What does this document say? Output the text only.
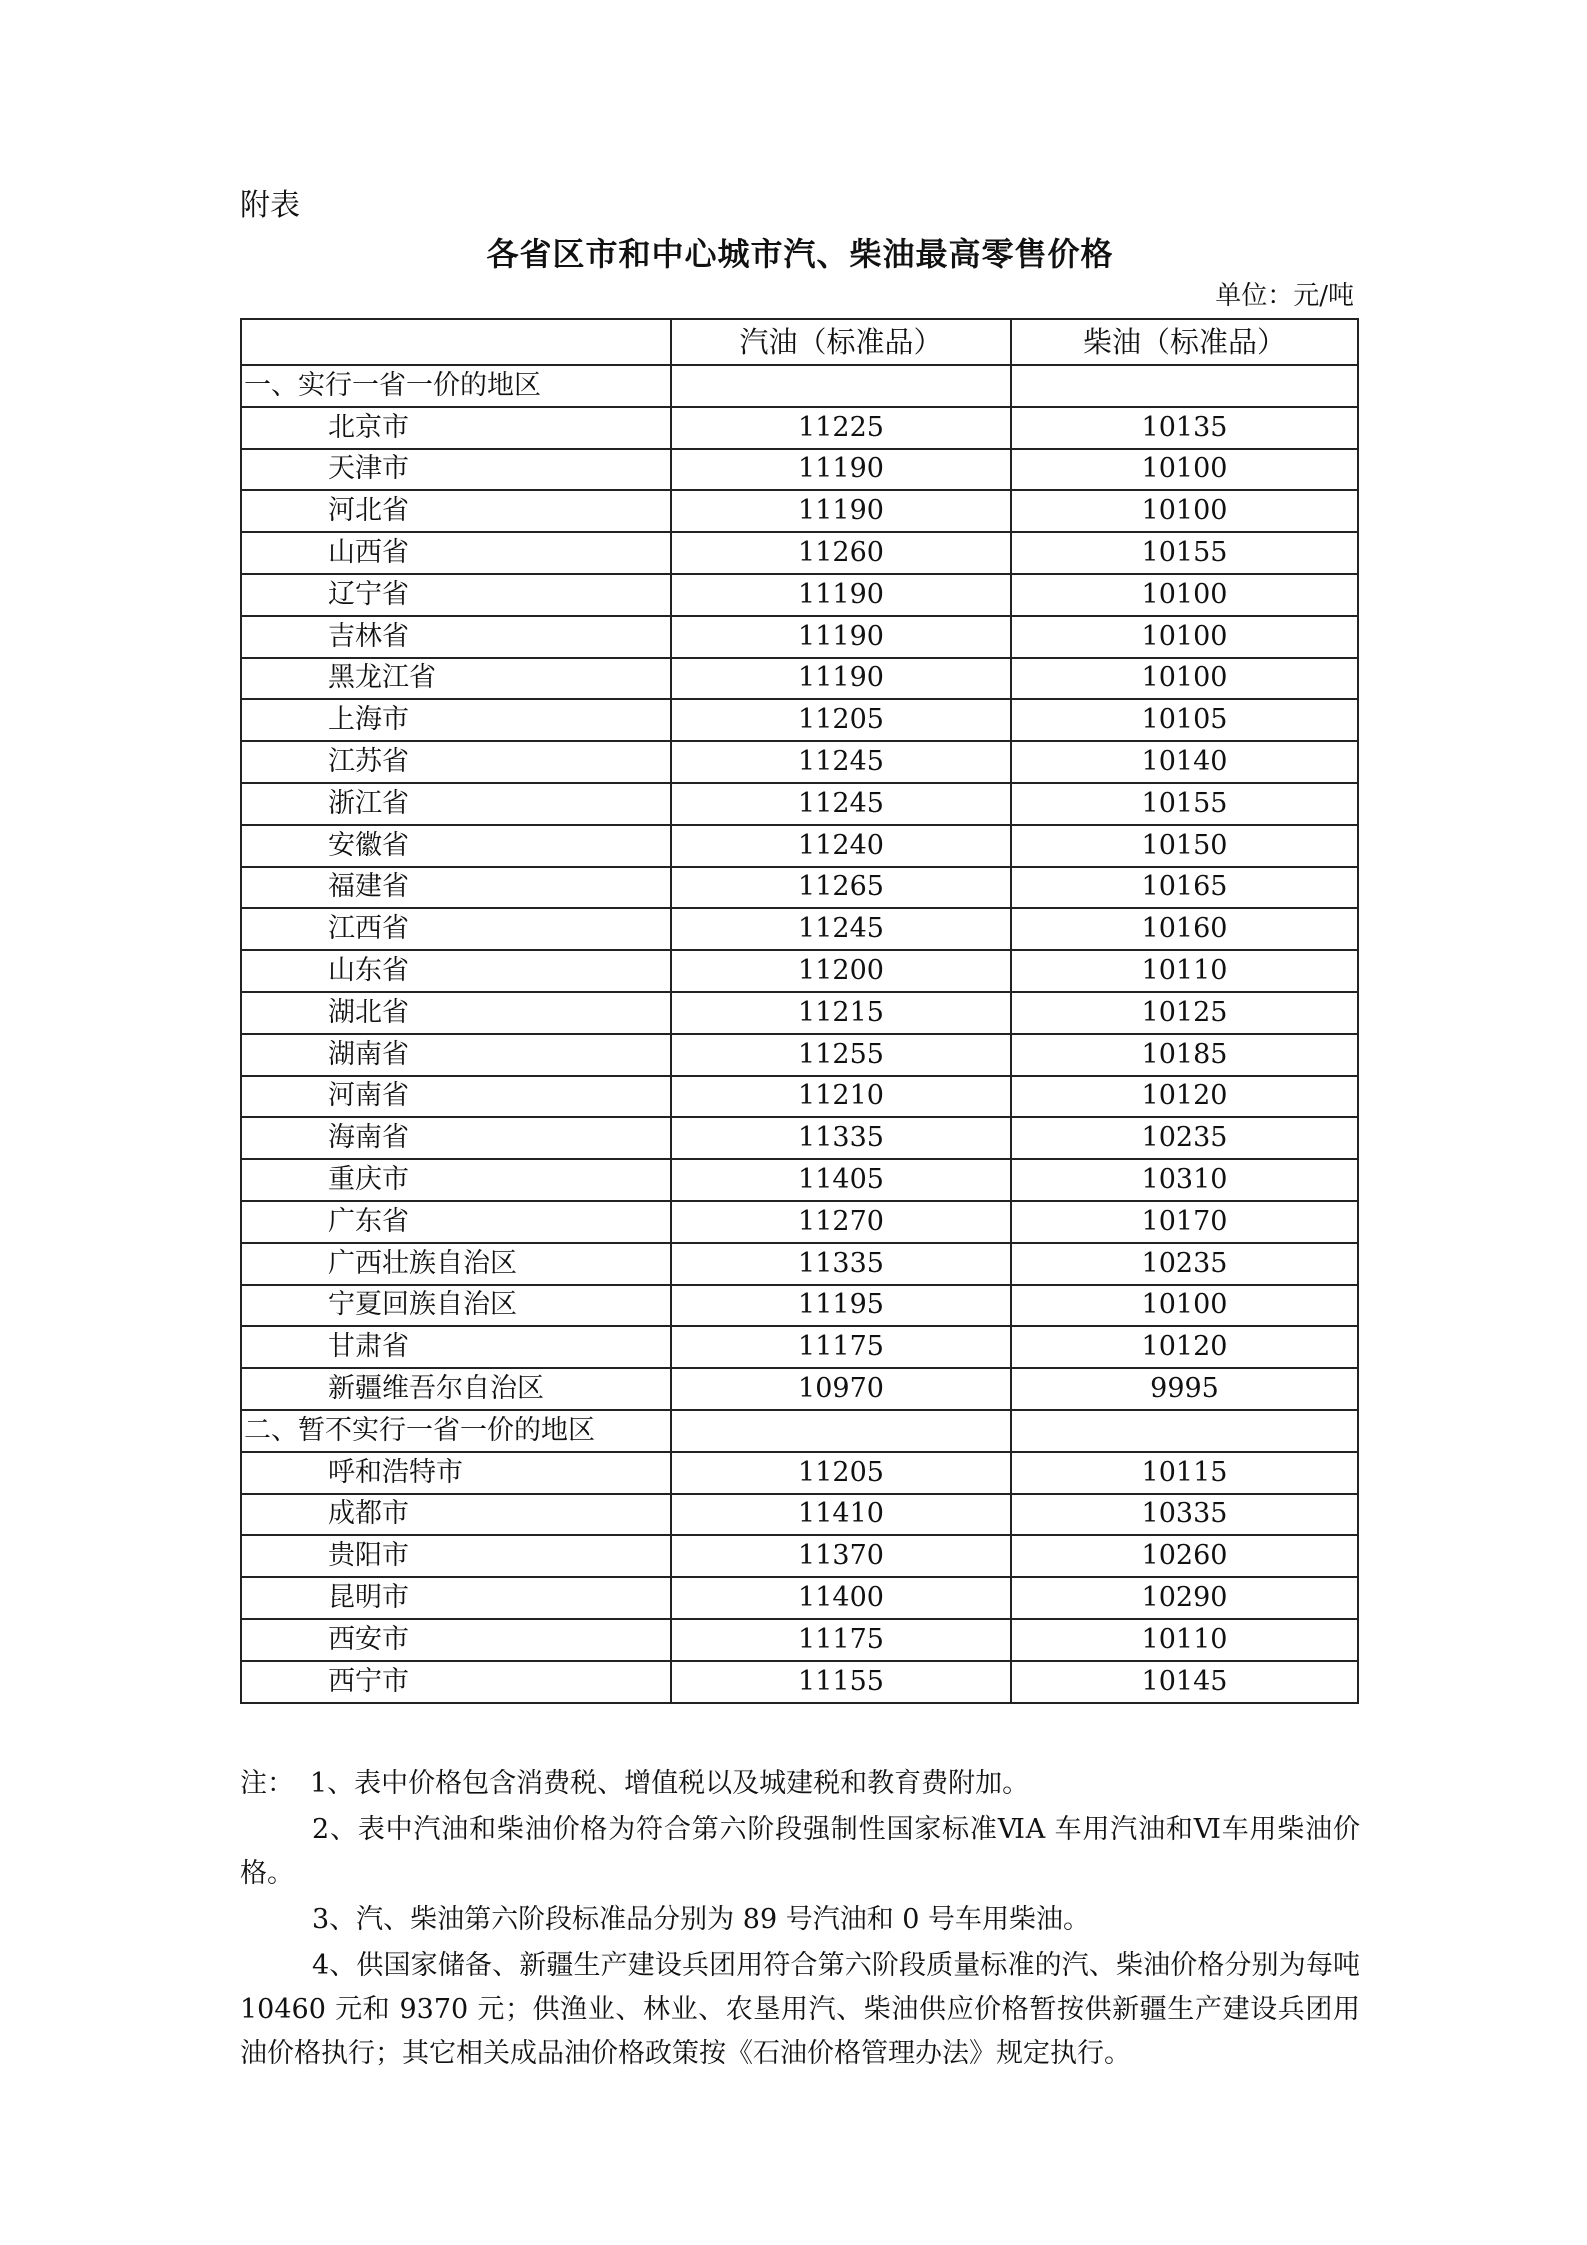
附表
各省区市和中心城市汽、柴油最高零售价格
单位：元/吨
	汽油（标准品）	柴油（标准品）
一、实行一省一价的地区		
北京市	11225	10135
天津市	11190	10100
河北省	11190	10100
山西省	11260	10155
辽宁省	11190	10100
吉林省	11190	10100
黑龙江省	11190	10100
上海市	11205	10105
江苏省	11245	10140
浙江省	11245	10155
安徽省	11240	10150
福建省	11265	10165
江西省	11245	10160
山东省	11200	10110
湖北省	11215	10125
湖南省	11255	10185
河南省	11210	10120
海南省	11335	10235
重庆市	11405	10310
广东省	11270	10170
广西壮族自治区	11335	10235
宁夏回族自治区	11195	10100
甘肃省	11175	10120
新疆维吾尔自治区	10970	9995
二、暂不实行一省一价的地区		
呼和浩特市	11205	10115
成都市	11410	10335
贵阳市	11370	10260
昆明市	11400	10290
西安市	11175	10110
西宁市	11155	10145
注： 1、表中价格包含消费税、增值税以及城建税和教育费附加。
2、表中汽油和柴油价格为符合第六阶段强制性国家标准ⅥA 车用汽油和Ⅵ车用柴油价格。
3、汽、柴油第六阶段标准品分别为 89 号汽油和 0 号车用柴油。
4、供国家储备、新疆生产建设兵团用符合第六阶段质量标准的汽、柴油价格分别为每吨 10460 元和 9370 元；供渔业、林业、农垦用汽、柴油供应价格暂按供新疆生产建设兵团用油价格执行；其它相关成品油价格政策按《石油价格管理办法》规定执行。
